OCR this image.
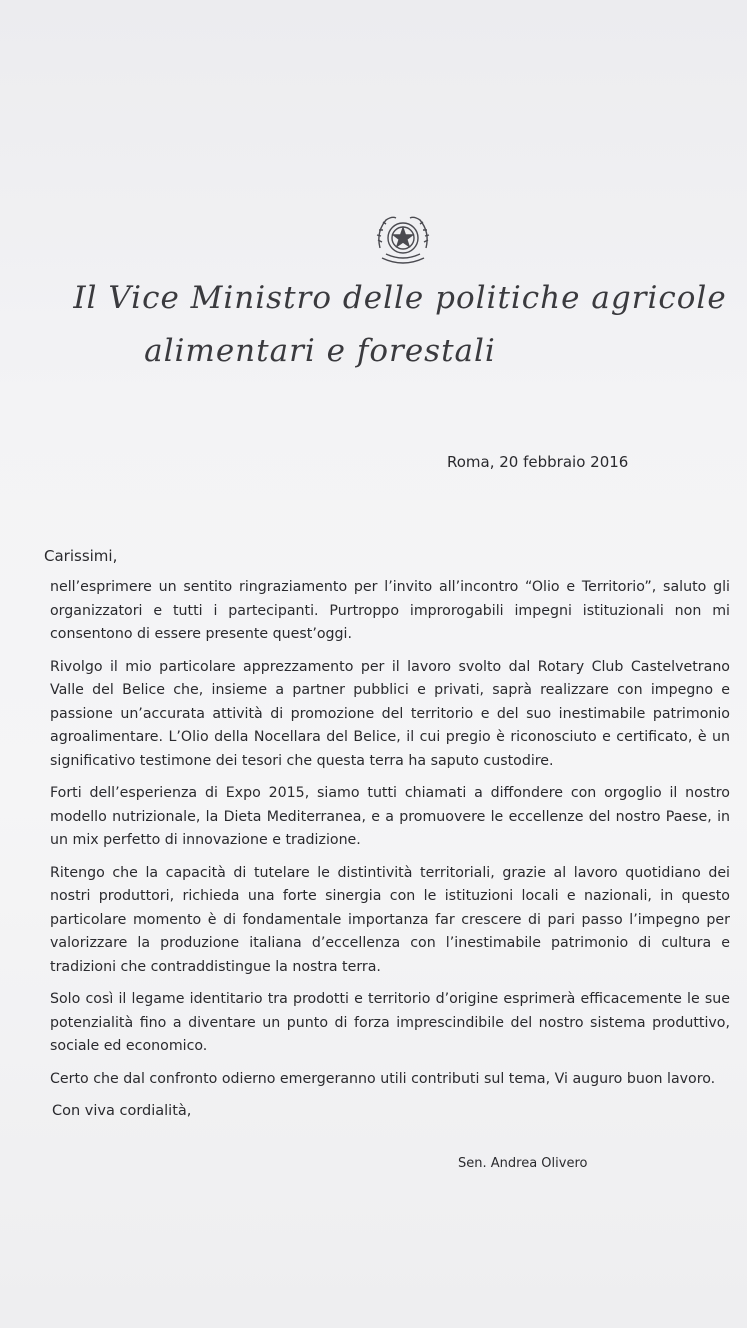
Il Vice Ministro delle politiche agricole
alimentari e forestali
Roma, 20 febbraio 2016
Carissimi,

nell’esprimere un sentito ringraziamento per l’invito all’incontro “Olio e Territorio”, saluto gli organizzatori e tutti i partecipanti. Purtroppo improrogabili impegni istituzionali non mi consentono di essere presente quest’oggi.

Rivolgo il mio particolare apprezzamento per il lavoro svolto dal Rotary Club Castelvetrano Valle del Belice che, insieme a partner pubblici e privati, saprà realizzare con impegno e passione un’accurata attività di promozione del territorio e del suo inestimabile patrimonio agroalimentare. L’Olio della Nocellara del Belice, il cui pregio è riconosciuto e certificato, è un significativo testimone dei tesori che questa terra ha saputo custodire.

Forti dell’esperienza di Expo 2015, siamo tutti chiamati a diffondere con orgoglio il nostro modello nutrizionale, la Dieta Mediterranea, e a promuovere le eccellenze del nostro Paese, in un mix perfetto di innovazione e tradizione.

Ritengo che la capacità di tutelare le distintività territoriali, grazie al lavoro quotidiano dei nostri produttori, richieda una forte sinergia con le istituzioni locali e nazionali, in questo particolare momento è di fondamentale importanza far crescere di pari passo l’impegno per valorizzare la produzione italiana d’eccellenza con l’inestimabile patrimonio di cultura e tradizioni che contraddistingue la nostra terra.

Solo così il legame identitario tra prodotti e territorio d’origine esprimerà efficacemente le sue potenzialità fino a diventare un punto di forza imprescindibile del nostro sistema produttivo, sociale ed economico.

Certo che dal confronto odierno emergeranno utili contributi sul tema, Vi auguro buon lavoro.

Con viva cordialità,
Sen. Andrea Olivero
